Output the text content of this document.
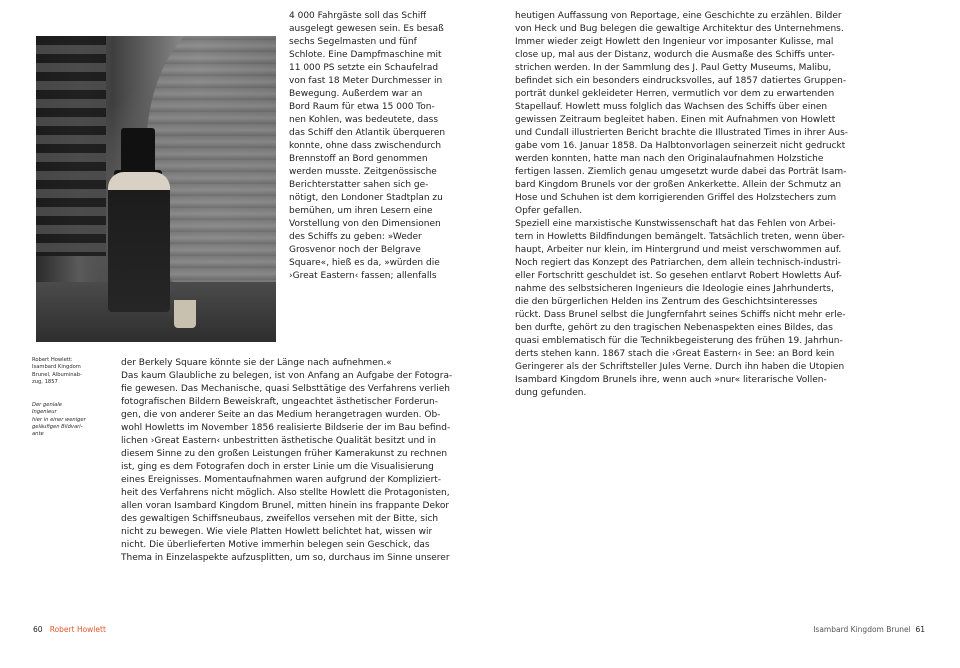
Robert Howlett:
Isambard Kingdom
Brunel, Albuminab-
zug, 1857
Der geniale Ingenieur
hier in einer weniger
geläufigen Bildvari-
ante
4 000 Fahrgäste soll das Schiff
ausgelegt gewesen sein. Es besaß
sechs Segelmasten und fünf
Schlote. Eine Dampfmaschine mit
11 000 PS setzte ein Schaufelrad
von fast 18 Meter Durchmesser in
Bewegung. Außerdem war an
Bord Raum für etwa 15 000 Ton-
nen Kohlen, was bedeutete, dass
das Schiff den Atlantik überqueren
konnte, ohne dass zwischendurch
Brennstoff an Bord genommen
werden musste. Zeitgenössische
Berichterstatter sahen sich ge-
nötigt, den Londoner Stadtplan zu
bemühen, um ihren Lesern eine
Vorstellung von den Dimensionen
des Schiffs zu geben: »Weder
Grosvenor noch der Belgrave
Square«, hieß es da, »würden die
›Great Eastern‹ fassen; allenfalls
der Berkely Square könnte sie der Länge nach aufnehmen.«
Das kaum Glaubliche zu belegen, ist von Anfang an Aufgabe der Fotogra-
fie gewesen. Das Mechanische, quasi Selbsttätige des Verfahrens verlieh
fotografischen Bildern Beweiskraft, ungeachtet ästhetischer Forderun-
gen, die von anderer Seite an das Medium herangetragen wurden. Ob-
wohl Howletts im November 1856 realisierte Bildserie der im Bau befind-
lichen ›Great Eastern‹ unbestritten ästhetische Qualität besitzt und in
diesem Sinne zu den großen Leistungen früher Kamerakunst zu rechnen
ist, ging es dem Fotografen doch in erster Linie um die Visualisierung
eines Ereignisses. Momentaufnahmen waren aufgrund der Kompliziert-
heit des Verfahrens nicht möglich. Also stellte Howlett die Protagonisten,
allen voran Isambard Kingdom Brunel, mitten hinein ins frappante Dekor
des gewaltigen Schiffsneubaus, zweifellos versehen mit der Bitte, sich
nicht zu bewegen. Wie viele Platten Howlett belichtet hat, wissen wir
nicht. Die überlieferten Motive immerhin belegen sein Geschick, das
Thema in Einzelaspekte aufzusplitten, um so, durchaus im Sinne unserer
60 Robert Howlett
heutigen Auffassung von Reportage, eine Geschichte zu erzählen. Bilder
von Heck und Bug belegen die gewaltige Architektur des Unternehmens.
Immer wieder zeigt Howlett den Ingenieur vor imposanter Kulisse, mal
close up, mal aus der Distanz, wodurch die Ausmaße des Schiffs unter-
strichen werden. In der Sammlung des J. Paul Getty Museums, Malibu,
befindet sich ein besonders eindrucksvolles, auf 1857 datiertes Gruppen-
porträt dunkel gekleideter Herren, vermutlich vor dem zu erwartenden
Stapellauf. Howlett muss folglich das Wachsen des Schiffs über einen
gewissen Zeitraum begleitet haben. Einen mit Aufnahmen von Howlett
und Cundall illustrierten Bericht brachte die Illustrated Times in ihrer Aus-
gabe vom 16. Januar 1858. Da Halbtonvorlagen seinerzeit nicht gedruckt
werden konnten, hatte man nach den Originalaufnahmen Holzstiche
fertigen lassen. Ziemlich genau umgesetzt wurde dabei das Porträt Isam-
bard Kingdom Brunels vor der großen Ankerkette. Allein der Schmutz an
Hose und Schuhen ist dem korrigierenden Griffel des Holzstechers zum
Opfer gefallen.
Speziell eine marxistische Kunstwissenschaft hat das Fehlen von Arbei-
tern in Howletts Bildfindungen bemängelt. Tatsächlich treten, wenn über-
haupt, Arbeiter nur klein, im Hintergrund und meist verschwommen auf.
Noch regiert das Konzept des Patriarchen, dem allein technisch-industri-
eller Fortschritt geschuldet ist. So gesehen entlarvt Robert Howletts Auf-
nahme des selbstsicheren Ingenieurs die Ideologie eines Jahrhunderts,
die den bürgerlichen Helden ins Zentrum des Geschichtsinteresses
rückt. Dass Brunel selbst die Jungfernfahrt seines Schiffs nicht mehr erle-
ben durfte, gehört zu den tragischen Nebenaspekten eines Bildes, das
quasi emblematisch für die Technikbegeisterung des frühen 19. Jahrhun-
derts stehen kann. 1867 stach die ›Great Eastern‹ in See: an Bord kein
Geringerer als der Schriftsteller Jules Verne. Durch ihn haben die Utopien
Isambard Kingdom Brunels ihre, wenn auch »nur« literarische Vollen-
dung gefunden.
Isambard Kingdom Brunel 61
